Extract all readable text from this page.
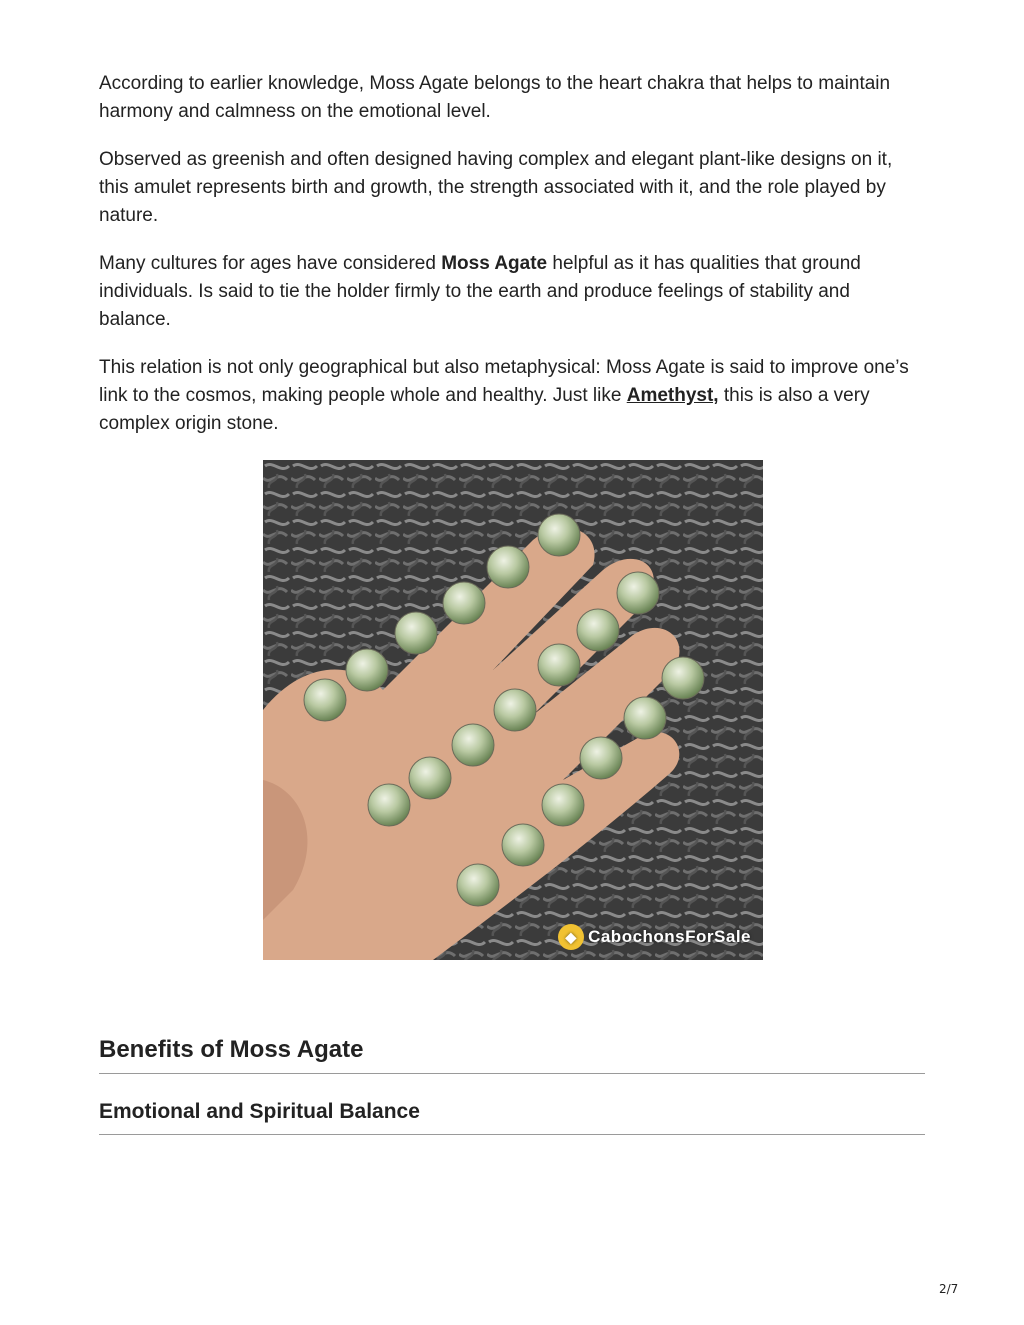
According to earlier knowledge, Moss Agate belongs to the heart chakra that helps to maintain harmony and calmness on the emotional level.

Observed as greenish and often designed having complex and elegant plant-like designs on it, this amulet represents birth and growth, the strength associated with it, and the role played by nature.

Many cultures for ages have considered Moss Agate helpful as it has qualities that ground individuals. Is said to tie the holder firmly to the earth and produce feelings of stability and balance.

This relation is not only geographical but also metaphysical: Moss Agate is said to improve one’s link to the cosmos, making people whole and healthy. Just like Amethyst, this is also a very complex origin stone.

◆ CabochonsForSale
Benefits of Moss Agate
Emotional and Spiritual Balance
2/7
